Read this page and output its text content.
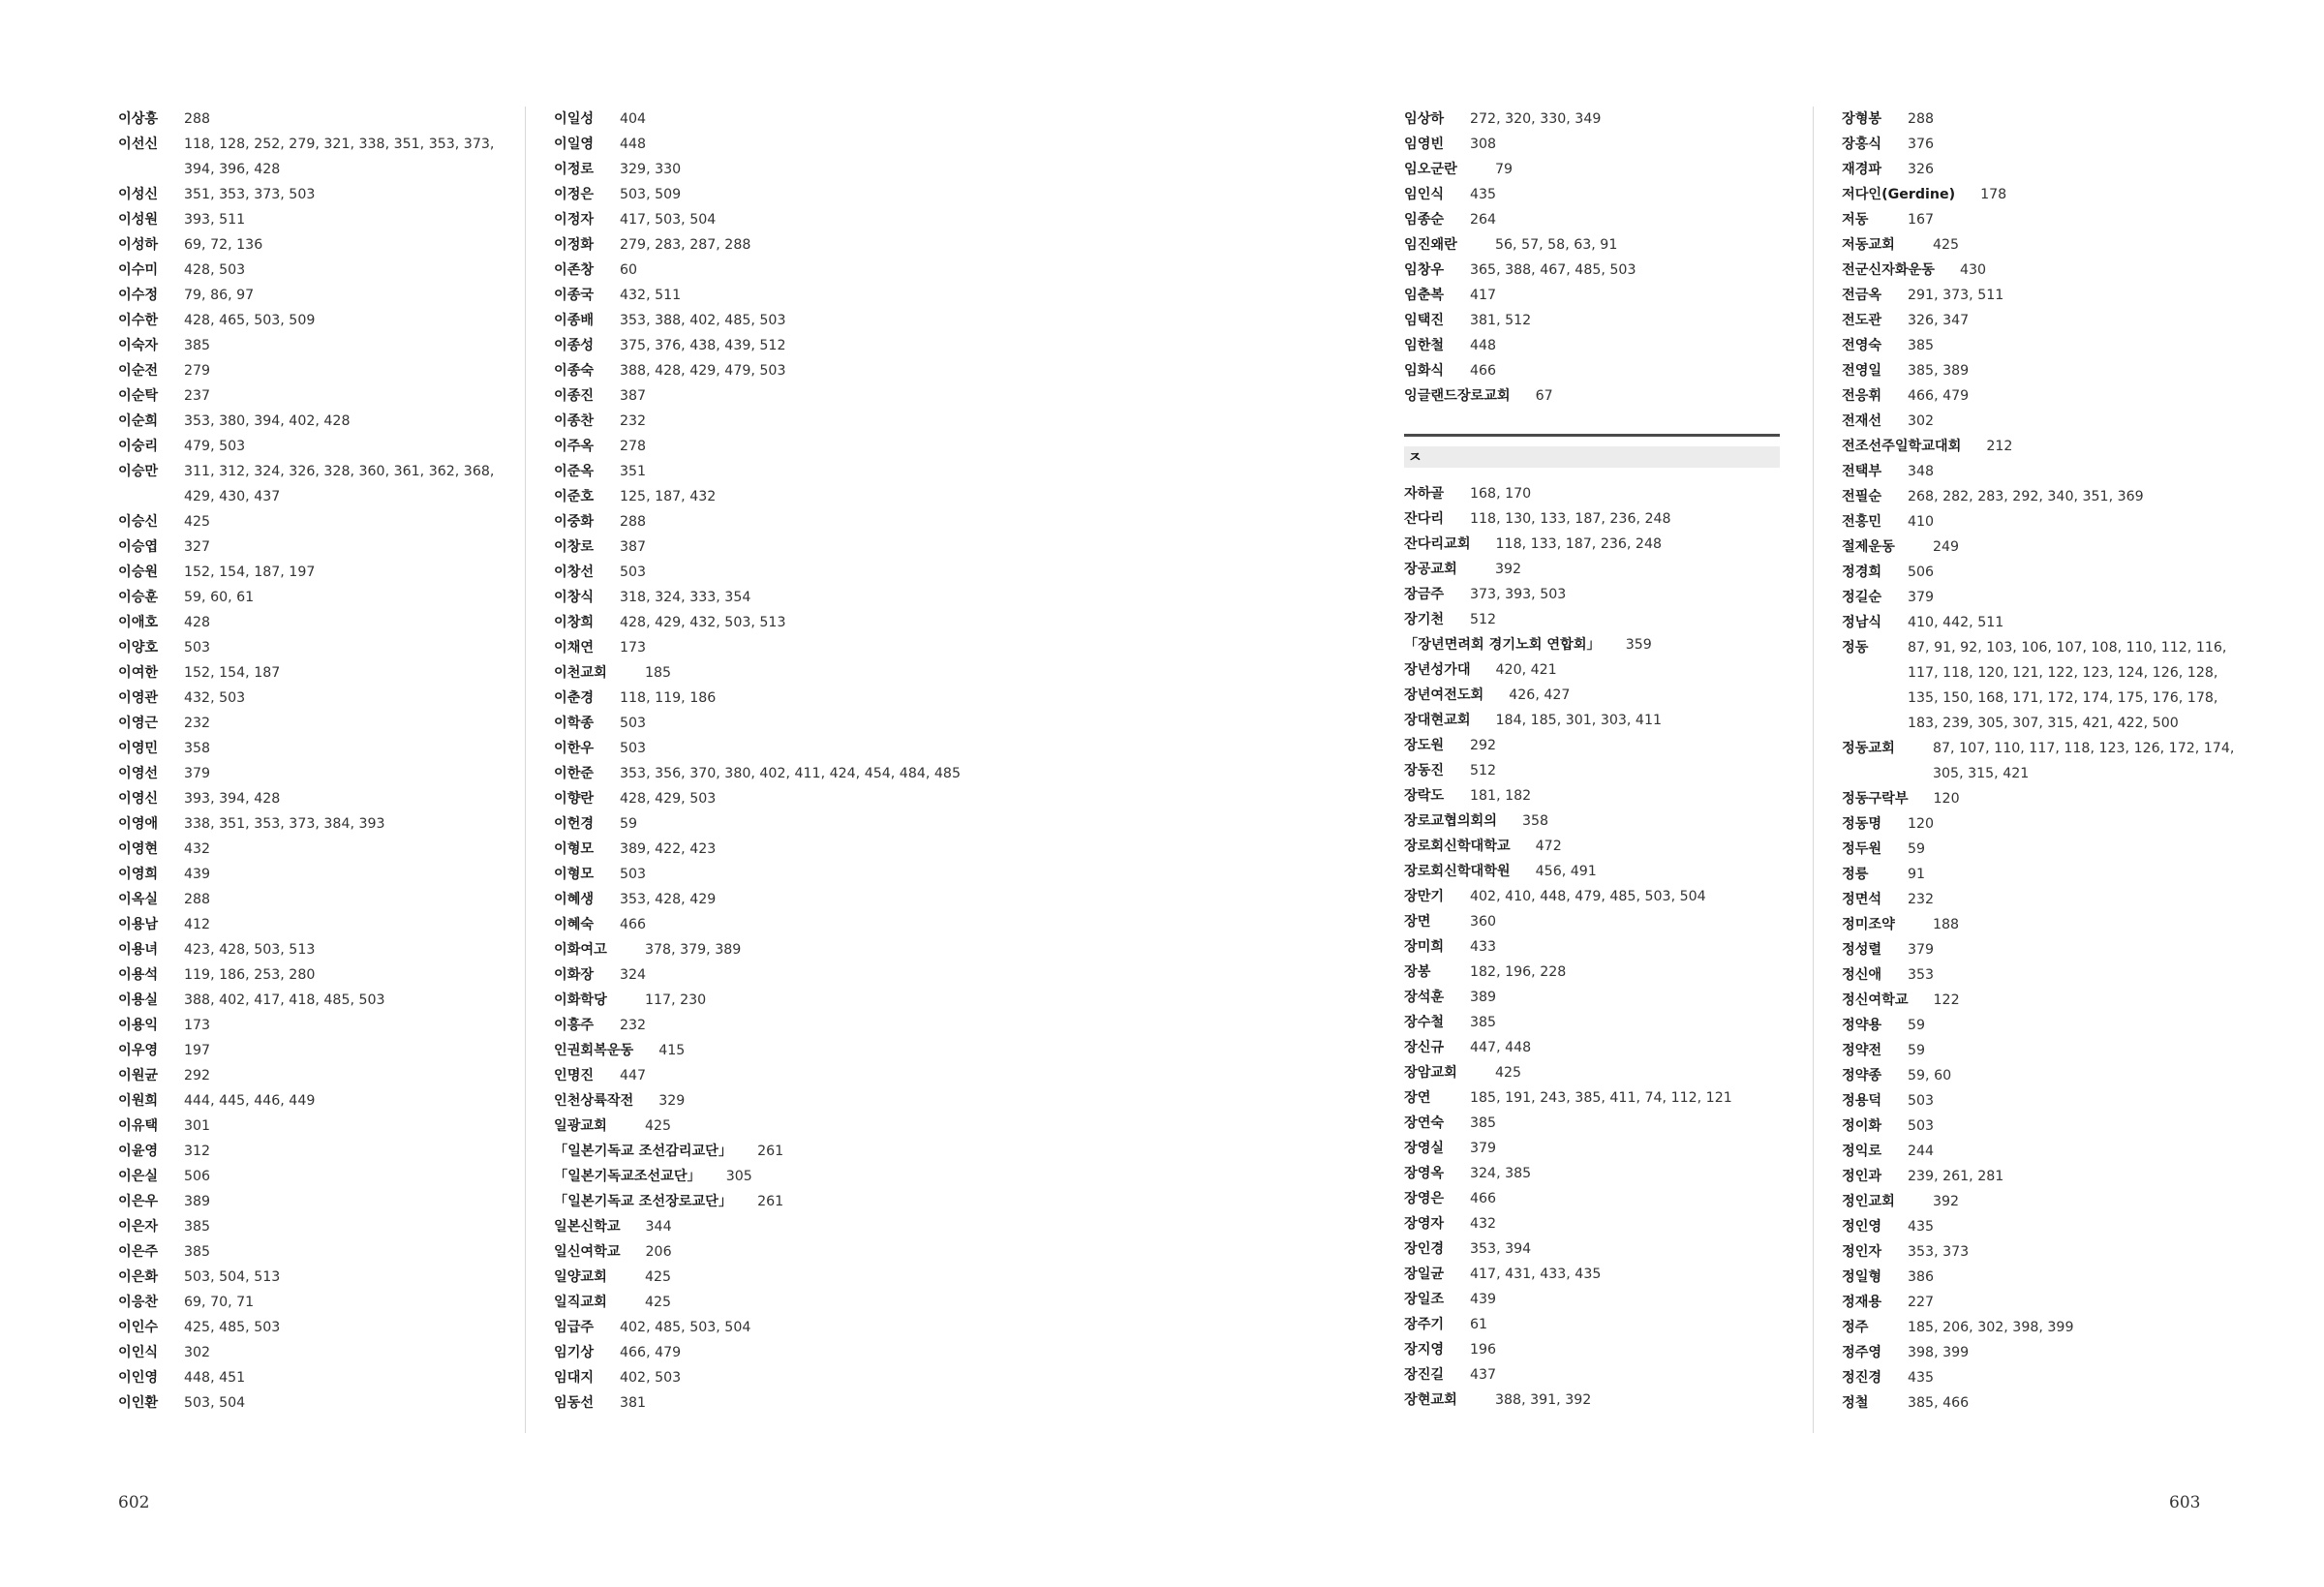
이상흥	288
이선신	118, 128, 252, 279, 321, 338, 351, 353, 373, 394, 396, 428
이성신	351, 353, 373, 503
이성원	393, 511
이성하	69, 72, 136
이수미	428, 503
이수정	79, 86, 97
이수한	428, 465, 503, 509
이숙자	385
이순전	279
이순탁	237
이순희	353, 380, 394, 402, 428
이숭리	479, 503
이승만	311, 312, 324, 326, 328, 360, 361, 362, 368, 429, 430, 437
이승신	425
이승엽	327
이승원	152, 154, 187, 197
이승훈	59, 60, 61
이애호	428
이양호	503
이여한	152, 154, 187
이영관	432, 503
이영근	232
이영민	358
이영선	379
이영신	393, 394, 428
이영애	338, 351, 353, 373, 384, 393
이영현	432
이영희	439
이옥실	288
이용남	412
이용녀	423, 428, 503, 513
이용석	119, 186, 253, 280
이용실	388, 402, 417, 418, 485, 503
이용익	173
이우영	197
이원균	292
이원희	444, 445, 446, 449
이유택	301
이윤영	312
이은실	506
이은우	389
이은자	385
이은주	385
이은화	503, 504, 513
이응찬	69, 70, 71
이인수	425, 485, 503
이인식	302
이인영	448, 451
이인환	503, 504
이일성	404
이일영	448
이정로	329, 330
이정은	503, 509
이정자	417, 503, 504
이정화	279, 283, 287, 288
이존창	60
이종국	432, 511
이종배	353, 388, 402, 485, 503
이종성	375, 376, 438, 439, 512
이종숙	388, 428, 429, 479, 503
이종진	387
이종찬	232
이주옥	278
이준옥	351
이준호	125, 187, 432
이중화	288
이창로	387
이창선	503
이창식	318, 324, 333, 354
이창희	428, 429, 432, 503, 513
이채연	173
이천교회	185
이춘경	118, 119, 186
이학종	503
이한우	503
이한준	353, 356, 370, 380, 402, 411, 424, 454, 484, 485
이향란	428, 429, 503
이헌경	59
이형모	389, 422, 423
이형모	503
이혜생	353, 428, 429
이혜숙	466
이화여고	378, 379, 389
이화장	324
이화학당	117, 230
이흥주	232
인권회복운동	415
인명진	447
인천상륙작전	329
일광교회	425
「일본기독교 조선감리교단」	261
「일본기독교조선교단」	305
「일본기독교 조선장로교단」	261
일본신학교	344
일신여학교	206
일양교회	425
일직교회	425
임급주	402, 485, 503, 504
임기상	466, 479
임대지	402, 503
임동선	381
602
임상하	272, 320, 330, 349
임영빈	308
임오군란	79
임인식	435
임종순	264
임진왜란	56, 57, 58, 63, 91
임창우	365, 388, 467, 485, 503
임춘복	417
임택진	381, 512
임한철	448
임화식	466
잉글랜드장로교회	67
ㅈ
자하골	168, 170
잔다리	118, 130, 133, 187, 236, 248
잔다리교회	118, 133, 187, 236, 248
장공교회	392
장금주	373, 393, 503
장기천	512
「장년면려회 경기노회 연합회」	359
장년성가대	420, 421
장년여전도회	426, 427
장대현교회	184, 185, 301, 303, 411
장도원	292
장동진	512
장락도	181, 182
장로교협의회의	358
장로회신학대학교	472
장로회신학대학원	456, 491
장만기	402, 410, 448, 479, 485, 503, 504
장면	360
장미희	433
장봉	182, 196, 228
장석훈	389
장수철	385
장신규	447, 448
장암교회	425
장연	185, 191, 243, 385, 411, 74, 112, 121
장연숙	385
장영실	379
장영옥	324, 385
장영은	466
장영자	432
장인경	353, 394
장일균	417, 431, 433, 435
장일조	439
장주기	61
장지영	196
장진길	437
장현교회	388, 391, 392
장형봉	288
장홍식	376
재경파	326
저다인(Gerdine)	178
저동	167
저동교회	425
전군신자화운동	430
전금옥	291, 373, 511
전도관	326, 347
전영숙	385
전영일	385, 389
전응휘	466, 479
전재선	302
전조선주일학교대회	212
전택부	348
전필순	268, 282, 283, 292, 340, 351, 369
전홍민	410
절제운동	249
정경희	506
정길순	379
정남식	410, 442, 511
정동	87, 91, 92, 103, 106, 107, 108, 110, 112, 116, 117, 118, 120, 121, 122, 123, 124, 126, 128, 135, 150, 168, 171, 172, 174, 175, 176, 178, 183, 239, 305, 307, 315, 421, 422, 500
정동교회	87, 107, 110, 117, 118, 123, 126, 172, 174, 305, 315, 421
정동구락부	120
정동명	120
정두원	59
정릉	91
정면석	232
정미조약	188
정성렬	379
정신애	353
정신여학교	122
정약용	59
정약전	59
정약종	59, 60
정용덕	503
정이화	503
정익로	244
정인과	239, 261, 281
정인교회	392
정인영	435
정인자	353, 373
정일형	386
정재용	227
정주	185, 206, 302, 398, 399
정주영	398, 399
정진경	435
정철	385, 466
603
